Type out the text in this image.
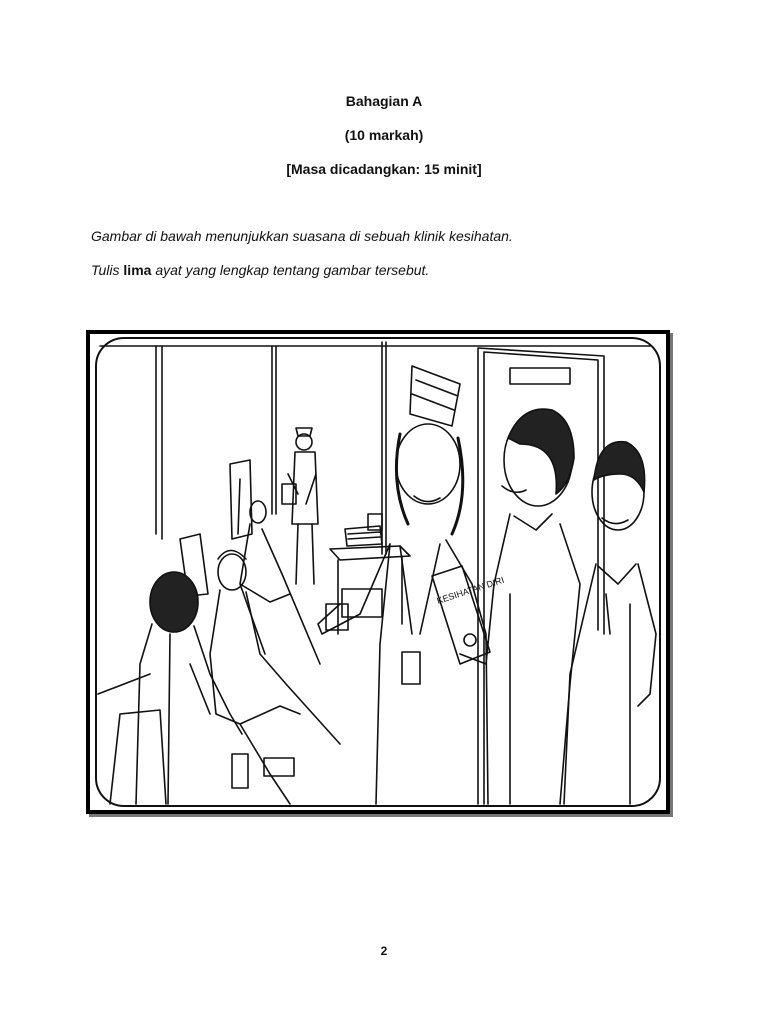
Bahagian A
(10 markah)
[Masa dicadangkan: 15 minit]
Gambar di bawah menunjukkan suasana di sebuah klinik kesihatan.
Tulis lima ayat yang lengkap tentang gambar tersebut.
KESIHATAN DIRI
2
